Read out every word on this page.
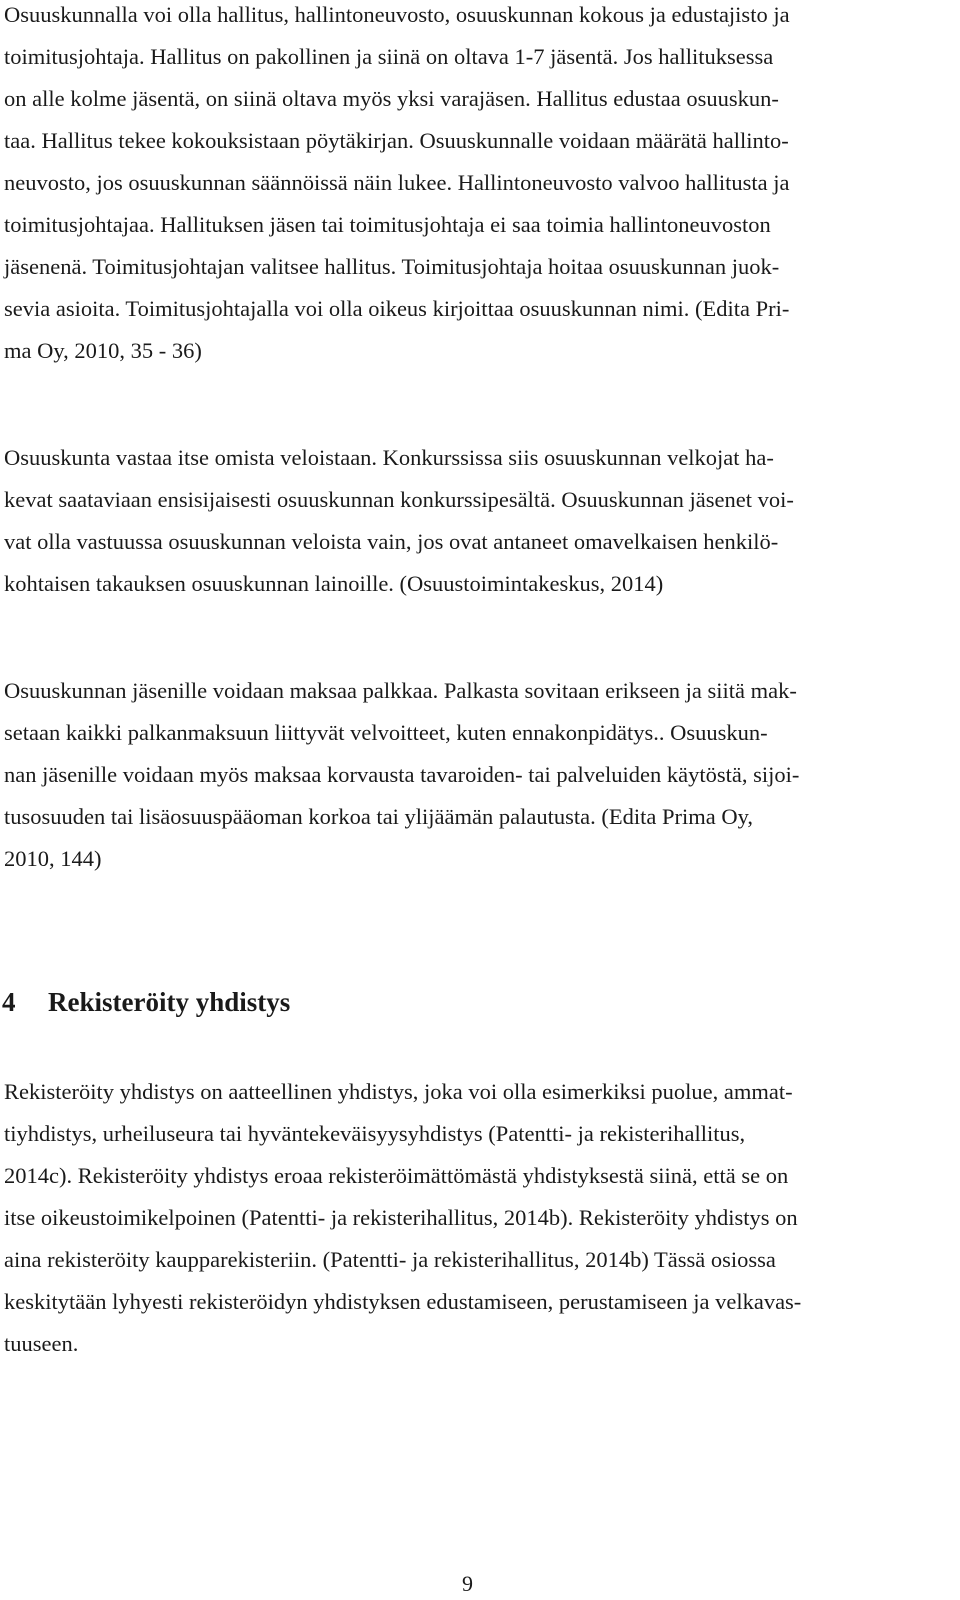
Osuuskunnalla voi olla hallitus, hallintoneuvosto, osuuskunnan kokous ja edustajisto ja

toimitusjohtaja. Hallitus on pakollinen ja siinä on oltava 1-7 jäsentä. Jos hallituksessa

on alle kolme jäsentä, on siinä oltava myös yksi varajäsen. Hallitus edustaa osuuskun-

taa. Hallitus tekee kokouksistaan pöytäkirjan. Osuuskunnalle voidaan määrätä hallinto-

neuvosto, jos osuuskunnan säännöissä näin lukee. Hallintoneuvosto valvoo hallitusta ja

toimitusjohtajaa. Hallituksen jäsen tai toimitusjohtaja ei saa toimia hallintoneuvoston

jäsenenä. Toimitusjohtajan valitsee hallitus. Toimitusjohtaja hoitaa osuuskunnan juok-

sevia asioita. Toimitusjohtajalla voi olla oikeus kirjoittaa osuuskunnan nimi. (Edita Pri-

ma Oy, 2010, 35 - 36)

Osuuskunta vastaa itse omista veloistaan. Konkurssissa siis osuuskunnan velkojat ha-

kevat saataviaan ensisijaisesti osuuskunnan konkurssipesältä. Osuuskunnan jäsenet voi-

vat olla vastuussa osuuskunnan veloista vain, jos ovat antaneet omavelkaisen henkilö-

kohtaisen takauksen osuuskunnan lainoille. (Osuustoimintakeskus, 2014)

Osuuskunnan jäsenille voidaan maksaa palkkaa. Palkasta sovitaan erikseen ja siitä mak-

setaan kaikki palkanmaksuun liittyvät velvoitteet, kuten ennakonpidätys.. Osuuskun-

nan jäsenille voidaan myös maksaa korvausta tavaroiden- tai palveluiden käytöstä, sijoi-

tusosuuden tai lisäosuuspääoman korkoa tai ylijäämän palautusta. (Edita Prima Oy,

2010, 144)

4 Rekisteröity yhdistys

Rekisteröity yhdistys on aatteellinen yhdistys, joka voi olla esimerkiksi puolue, ammat-

tiyhdistys, urheiluseura tai hyväntekeväisyysyhdistys (Patentti- ja rekisterihallitus,

2014c). Rekisteröity yhdistys eroaa rekisteröimättömästä yhdistyksestä siinä, että se on

itse oikeustoimikelpoinen (Patentti- ja rekisterihallitus, 2014b). Rekisteröity yhdistys on

aina rekisteröity kaupparekisteriin. (Patentti- ja rekisterihallitus, 2014b) Tässä osiossa

keskitytään lyhyesti rekisteröidyn yhdistyksen edustamiseen, perustamiseen ja velkavas-

tuuseen.

9
